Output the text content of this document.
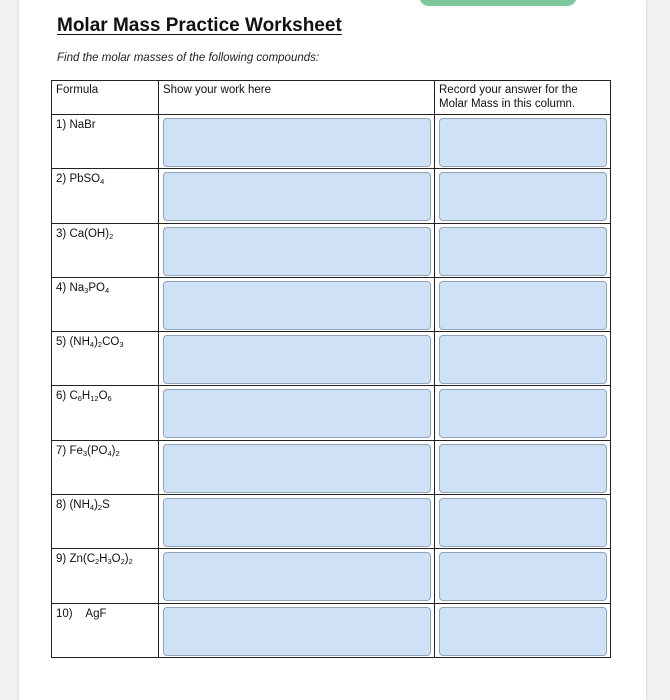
Molar Mass Practice Worksheet

Find the molar masses of the following compounds:

Formula	Show your work here	Record your answer for the Molar Mass in this column.

1) NaBr		

2) PbSO$_4$

3) $Ca(OH)_2$

4) $Na_3PO_4$

5) $(NH_4)_2CO_3$

6) $C_6H_{12}O_6$

7) $Fe_3(PO_4)_2$

8) $(NH_4)_2S$		

9) $Zn(C_2H_3O_2)_2$

10)    AgF		
